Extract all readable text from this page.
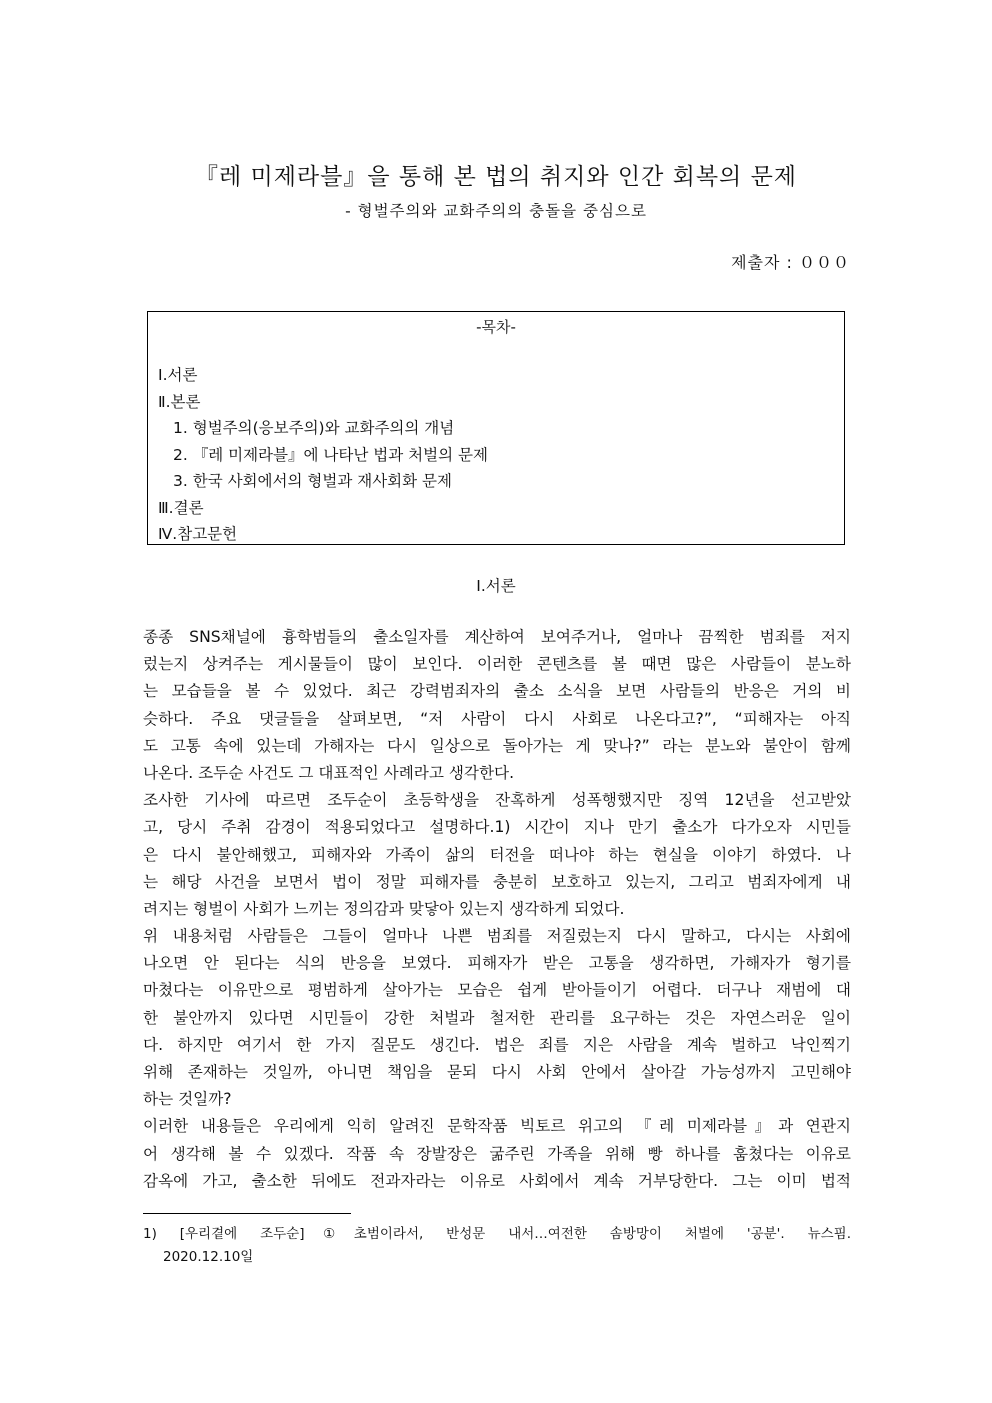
『레 미제라블』을 통해 본 법의 취지와 인간 회복의 문제
- 형벌주의와 교화주의의 충돌을 중심으로
제출자 : ０００
-목차-
Ⅰ.서론
Ⅱ.본론
1. 형벌주의(응보주의)와 교화주의의 개념
2. 『레 미제라블』에 나타난 법과 처벌의 문제
3. 한국 사회에서의 형벌과 재사회화 문제
Ⅲ.결론
Ⅳ.참고문헌
Ⅰ.서론
종종 SNS채널에 흉학범들의 출소일자를 계산하여 보여주거나, 얼마나 끔찍한 범죄를 저지
렀는지 상켜주는 게시물들이 많이 보인다. 이러한 콘텐츠를 볼 때면 많은 사람들이 분노하
는 모습들을 볼 수 있었다. 최근 강력범죄자의 출소 소식을 보면 사람들의 반응은 거의 비
슷하다. 주요 댓글들을 살펴보면, “저 사람이 다시 사회로 나온다고?”, “피해자는 아직
도 고통 속에 있는데 가해자는 다시 일상으로 돌아가는 게 맞나?” 라는 분노와 불안이 함께
나온다. 조두순 사건도 그 대표적인 사례라고 생각한다.
조사한 기사에 따르면 조두순이 초등학생을 잔혹하게 성폭행했지만 징역 12년을 선고받았
고, 당시 주취 감경이 적용되었다고 설명하다.1) 시간이 지나 만기 출소가 다가오자 시민들
은 다시 불안해했고, 피해자와 가족이 삶의 터전을 떠나야 하는 현실을 이야기 하였다. 나
는 해당 사건을 보면서 법이 정말 피해자를 충분히 보호하고 있는지, 그리고 범죄자에게 내
려지는 형벌이 사회가 느끼는 정의감과 맞닿아 있는지 생각하게 되었다.
위 내용처럼 사람들은 그들이 얼마나 나쁜 범죄를 저질렀는지 다시 말하고, 다시는 사회에
나오면 안 된다는 식의 반응을 보였다. 피해자가 받은 고통을 생각하면, 가해자가 형기를
마쳤다는 이유만으로 평범하게 살아가는 모습은 쉽게 받아들이기 어렵다. 더구나 재범에 대
한 불안까지 있다면 시민들이 강한 처벌과 철저한 관리를 요구하는 것은 자연스러운 일이
다. 하지만 여기서 한 가지 질문도 생긴다. 법은 죄를 지은 사람을 계속 벌하고 낙인찍기
위해 존재하는 것일까, 아니면 책임을 묻되 다시 사회 안에서 살아갈 가능성까지 고민해야
하는 것일까?
이러한 내용들은 우리에게 익히 알려진 문학작품 빅토르 위고의 『레 미제라블』과 연관지
어 생각해 볼 수 있겠다. 작품 속 장발장은 굶주린 가족을 위해 빵 하나를 훔쳤다는 이유로
감옥에 가고, 출소한 뒤에도 전과자라는 이유로 사회에서 계속 거부당한다. 그는 이미 법적
1) [우리곁에 조두순]①초범이라서, 반성문 내서…여전한 솜방망이 처벌에 '공분'. 뉴스핌.
2020.12.10일
